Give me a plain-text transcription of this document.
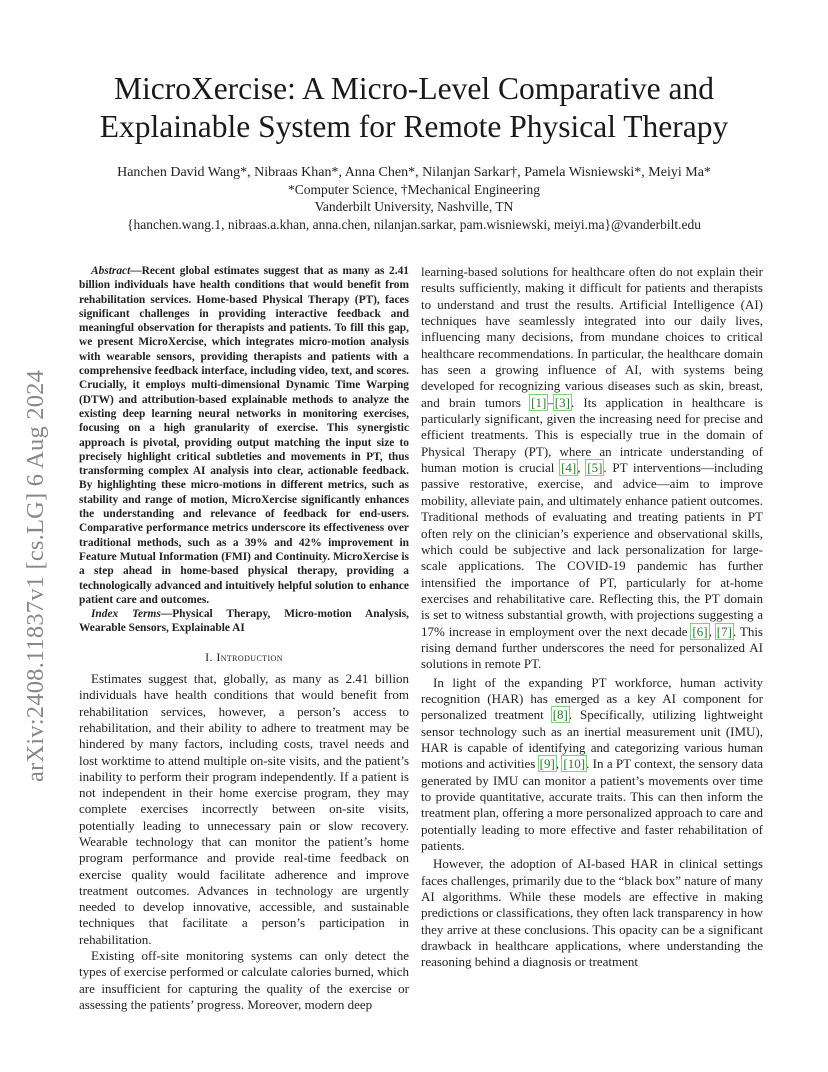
arXiv:2408.11837v1 [cs.LG] 6 Aug 2024
MicroXercise: A Micro-Level Comparative and
Explainable System for Remote Physical Therapy
Hanchen David Wang*, Nibraas Khan*, Anna Chen*, Nilanjan Sarkar†, Pamela Wisniewski*, Meiyi Ma*
*Computer Science, †Mechanical Engineering
Vanderbilt University, Nashville, TN
{hanchen.wang.1, nibraas.a.khan, anna.chen, nilanjan.sarkar, pam.wisniewski, meiyi.ma}@vanderbilt.edu

Abstract—Recent global estimates suggest that as many as 2.41 billion individuals have health conditions that would benefit from rehabilitation services. Home-based Physical Therapy (PT), faces significant challenges in providing interactive feedback and meaningful observation for therapists and patients. To fill this gap, we present MicroXercise, which integrates micro-motion analysis with wearable sensors, providing therapists and patients with a comprehensive feedback interface, including video, text, and scores. Crucially, it employs multi-dimensional Dynamic Time Warping (DTW) and attribution-based explainable methods to analyze the existing deep learning neural networks in monitoring exercises, focusing on a high granularity of exercise. This synergistic approach is pivotal, providing output matching the input size to precisely highlight critical subtleties and movements in PT, thus transforming complex AI analysis into clear, actionable feedback. By highlighting these micro-motions in different metrics, such as stability and range of motion, MicroXercise significantly enhances the understanding and relevance of feedback for end-users. Comparative performance metrics underscore its effectiveness over traditional methods, such as a 39% and 42% improvement in Feature Mutual Information (FMI) and Continuity. MicroXercise is a step ahead in home-based physical therapy, providing a technologically advanced and intuitively helpful solution to enhance patient care and outcomes.

Index Terms—Physical Therapy, Micro-motion Analysis, Wearable Sensors, Explainable AI

I. Introduction

Estimates suggest that, globally, as many as 2.41 billion individuals have health conditions that would benefit from rehabilitation services, however, a person’s access to rehabilitation, and their ability to adhere to treatment may be hindered by many factors, including costs, travel needs and lost worktime to attend multiple on-site visits, and the patient’s inability to perform their program independently. If a patient is not independent in their home exercise program, they may complete exercises incorrectly between on-site visits, potentially leading to unnecessary pain or slow recovery. Wearable technology that can monitor the patient’s home program performance and provide real-time feedback on exercise quality would facilitate adherence and improve treatment outcomes. Advances in technology are urgently needed to develop innovative, accessible, and sustainable techniques that facilitate a person’s participation in rehabilitation.

Existing off-site monitoring systems can only detect the types of exercise performed or calculate calories burned, which are insufficient for capturing the quality of the exercise or assessing the patients’ progress. Moreover, modern deep

learning-based solutions for healthcare often do not explain their results sufficiently, making it difficult for patients and therapists to understand and trust the results. Artificial Intelligence (AI) techniques have seamlessly integrated into our daily lives, influencing many decisions, from mundane choices to critical healthcare recommendations. In particular, the healthcare domain has seen a growing influence of AI, with systems being developed for recognizing various diseases such as skin, breast, and brain tumors [1]–[3]. Its application in healthcare is particularly significant, given the increasing need for precise and efficient treatments. This is especially true in the domain of Physical Therapy (PT), where an intricate understanding of human motion is crucial [4], [5]. PT interventions—including passive restorative, exercise, and advice—aim to improve mobility, alleviate pain, and ultimately enhance patient outcomes. Traditional methods of evaluating and treating patients in PT often rely on the clinician’s experience and observational skills, which could be subjective and lack personalization for large-scale applications. The COVID-19 pandemic has further intensified the importance of PT, particularly for at-home exercises and rehabilitative care. Reflecting this, the PT domain is set to witness substantial growth, with projections suggesting a 17% increase in employment over the next decade [6], [7]. This rising demand further underscores the need for personalized AI solutions in remote PT.

In light of the expanding PT workforce, human activity recognition (HAR) has emerged as a key AI component for personalized treatment [8]. Specifically, utilizing lightweight sensor technology such as an inertial measurement unit (IMU), HAR is capable of identifying and categorizing various human motions and activities [9], [10]. In a PT context, the sensory data generated by IMU can monitor a patient’s movements over time to provide quantitative, accurate traits. This can then inform the treatment plan, offering a more personalized approach to care and potentially leading to more effective and faster rehabilitation of patients.

However, the adoption of AI-based HAR in clinical settings faces challenges, primarily due to the “black box” nature of many AI algorithms. While these models are effective in making predictions or classifications, they often lack transparency in how they arrive at these conclusions. This opacity can be a significant drawback in healthcare applications, where understanding the reasoning behind a diagnosis or treatment
